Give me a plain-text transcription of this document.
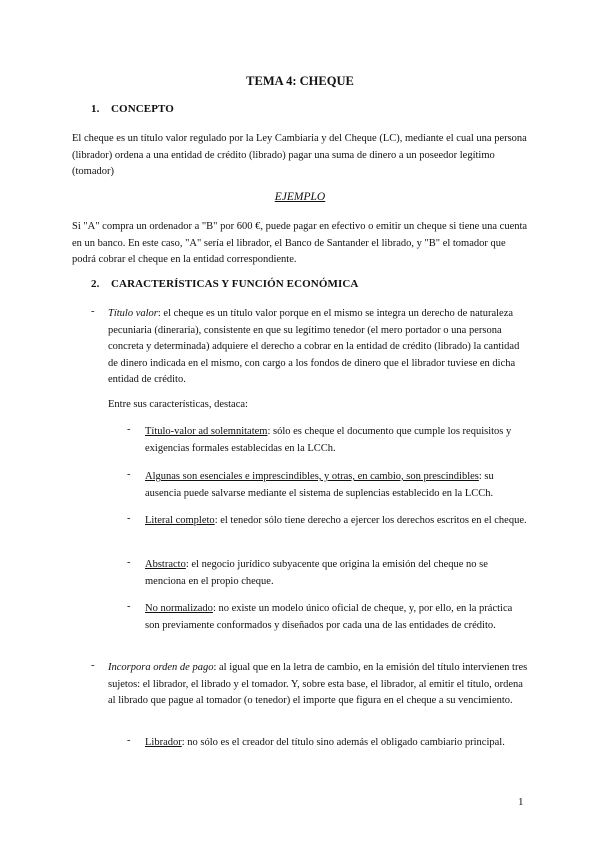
TEMA 4: CHEQUE
1. CONCEPTO
El cheque es un título valor regulado por la Ley Cambiaria y del Cheque (LC), mediante el cual una persona (librador) ordena a una entidad de crédito (librado) pagar una suma de dinero a un poseedor legítimo (tomador)
EJEMPLO
Si "A" compra un ordenador a "B" por 600 €, puede pagar en efectivo o emitir un cheque si tiene una cuenta en un banco. En este caso, "A" sería el librador, el Banco de Santander el librado, y "B" el tomador que podrá cobrar el cheque en la entidad correspondiente.
2. CARACTERÍSTICAS Y FUNCIÓN ECONÓMICA
- Título valor: el cheque es un título valor porque en el mismo se integra un derecho de naturaleza pecuniaria (dineraria), consistente en que su legítimo tenedor (el mero portador o una persona concreta y determinada) adquiere el derecho a cobrar en la entidad de crédito (librado) la cantidad de dinero indicada en el mismo, con cargo a los fondos de dinero que el librador tuviese en dicha entidad de crédito.
Entre sus características, destaca:
- Título-valor ad solemnitatem: sólo es cheque el documento que cumple los requisitos y exigencias formales establecidas en la LCCh.
- Algunas son esenciales e imprescindibles, y otras, en cambio, son prescindibles: su ausencia puede salvarse mediante el sistema de suplencias establecido en la LCCh.
- Literal completo: el tenedor sólo tiene derecho a ejercer los derechos escritos en el cheque.
- Abstracto: el negocio jurídico subyacente que origina la emisión del cheque no se menciona en el propio cheque.
- No normalizado: no existe un modelo único oficial de cheque, y, por ello, en la práctica son previamente conformados y diseñados por cada una de las entidades de crédito.
- Incorpora orden de pago: al igual que en la letra de cambio, en la emisión del título intervienen tres sujetos: el librador, el librado y el tomador. Y, sobre esta base, el librador, al emitir el título, ordena al librado que pague al tomador (o tenedor) el importe que figura en el cheque a su vencimiento.
- Librador: no sólo es el creador del título sino además el obligado cambiario principal.
1
